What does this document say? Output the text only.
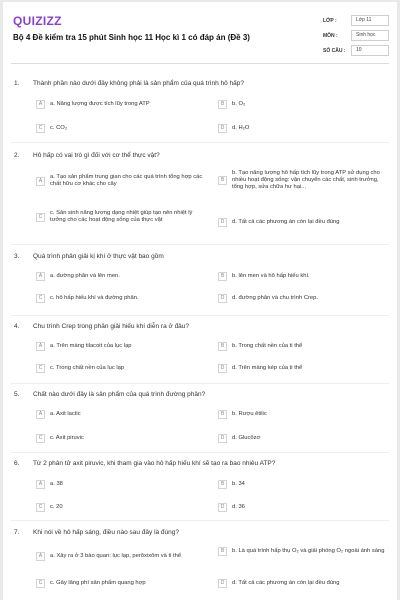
QUIZIZZ
Bộ 4 Đề kiểm tra 15 phút Sinh học 11 Học kì 1 có đáp án (Đề 3)
LỚP :	Lớp 11
MÔN :	Sinh học
SỐ CÂU :	10
1. Thành phần nào dưới đây không phải là sản phẩm của quá trình hô hấp?
A	a. Năng lượng được tích lũy trong ATP	B	b. O₂
C	c. CO₂	D	d. H₂O
2. Hô hấp có vai trò gì đối với cơ thể thực vật?
A
a. Tạo sản phẩm trung gian cho các quá trình tổng hợp các chất hữu cơ khác cho cây
B
b. Tạo năng lượng hô hấp tích lũy trong ATP sử dụng cho nhiều hoạt động sống: vận chuyển các chất, sinh trưởng, tổng hợp, sửa chữa hư hại...
C
c. Sản sinh năng lượng dạng nhiệt giúp tạo nên nhiệt lý tưởng cho các hoạt động sống của thực vật	D	d. Tất cả các phương án còn lại đều đúng
3. Quá trình phân giải kị khí ở thực vật bao gồm
A	a. đường phân và lên men.	B	b. lên men và hô hấp hiếu khí.
C	c. hô hấp hiếu khí và đường phân.	D	d. đường phân và chu trình Crep.
4. Chu trình Crep trong phân giải hiếu khí diễn ra ở đâu?
A	a. Trên màng tilacoit của lục lạp	B	b. Trong chất nền của ti thể
C	c. Trong chất nền của lục lạp	D	d. Trên màng kép của ti thể
5. Chất nào dưới đây là sản phẩm của quá trình đường phân?
A	a. Axit lactic	B	b. Rượu êtilic
C	c. Axit piruvic	D	d. Glucôzơ
6. Từ 2 phân tử axit piruvic, khi tham gia vào hô hấp hiếu khí sẽ tạo ra bao nhiêu ATP?
A	a. 38	B	b. 34
C	c. 20	D	d. 36
7. Khi nói về hô hấp sáng, điều nào sau đây là đúng?
A	a. Xảy ra ở 3 bào quan: lục lạp, perôxixôm và ti thể
B	b. Là quá trình hấp thụ O₂ và giải phóng O₂ ngoài ánh sáng
C	c. Gây lãng phí sản phẩm quang hợp	D	d. Tất cả các phương án còn lại đều đúng
